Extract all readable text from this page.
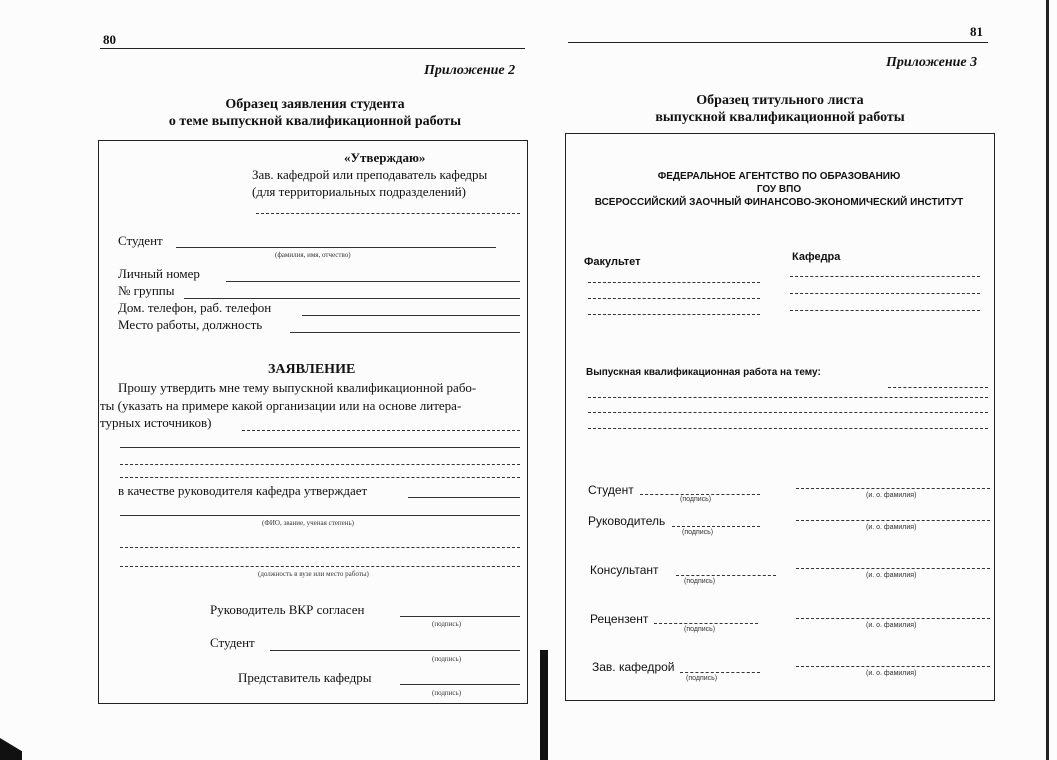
80
Приложение 2
Образец заявления студента
о теме выпускной квалификационной работы
«Утверждаю»
Зав. кафедрой или преподаватель кафедры
(для территориальных подразделений)
Студент
(фамилия, имя, отчество)
Личный номер
№ группы
Дом. телефон, раб. телефон
Место работы, должность
ЗАЯВЛЕНИЕ
Прошу утвердить мне тему выпускной квалификационной рабо-
ты (указать на примере какой организации или на основе литера-
турных источников)
в качестве руководителя кафедра утверждает
(ФИО, звание, ученая степень)
(должность в вузе или место работы)
Руководитель ВКР согласен
(подпись)
Студент
(подпись)
Представитель кафедры
(подпись)
81
Приложение 3
Образец титульного листа
выпускной квалификационной работы
ФЕДЕРАЛЬНОЕ АГЕНТСТВО ПО ОБРАЗОВАНИЮ
ГОУ ВПО
ВСЕРОССИЙСКИЙ ЗАОЧНЫЙ ФИНАНСОВО-ЭКОНОМИЧЕСКИЙ ИНСТИТУТ
Факультет	Кафедра
Выпускная квалификационная работа на тему:
Студент
(подпись)
(и. о. фамилия)
Руководитель
(подпись)
(и. о. фамилия)
Консультант
(подпись)
(и. о. фамилия)
Рецензент
(подпись)
(и. о. фамилия)
Зав. кафедрой
(подпись)
(и. о. фамилия)
